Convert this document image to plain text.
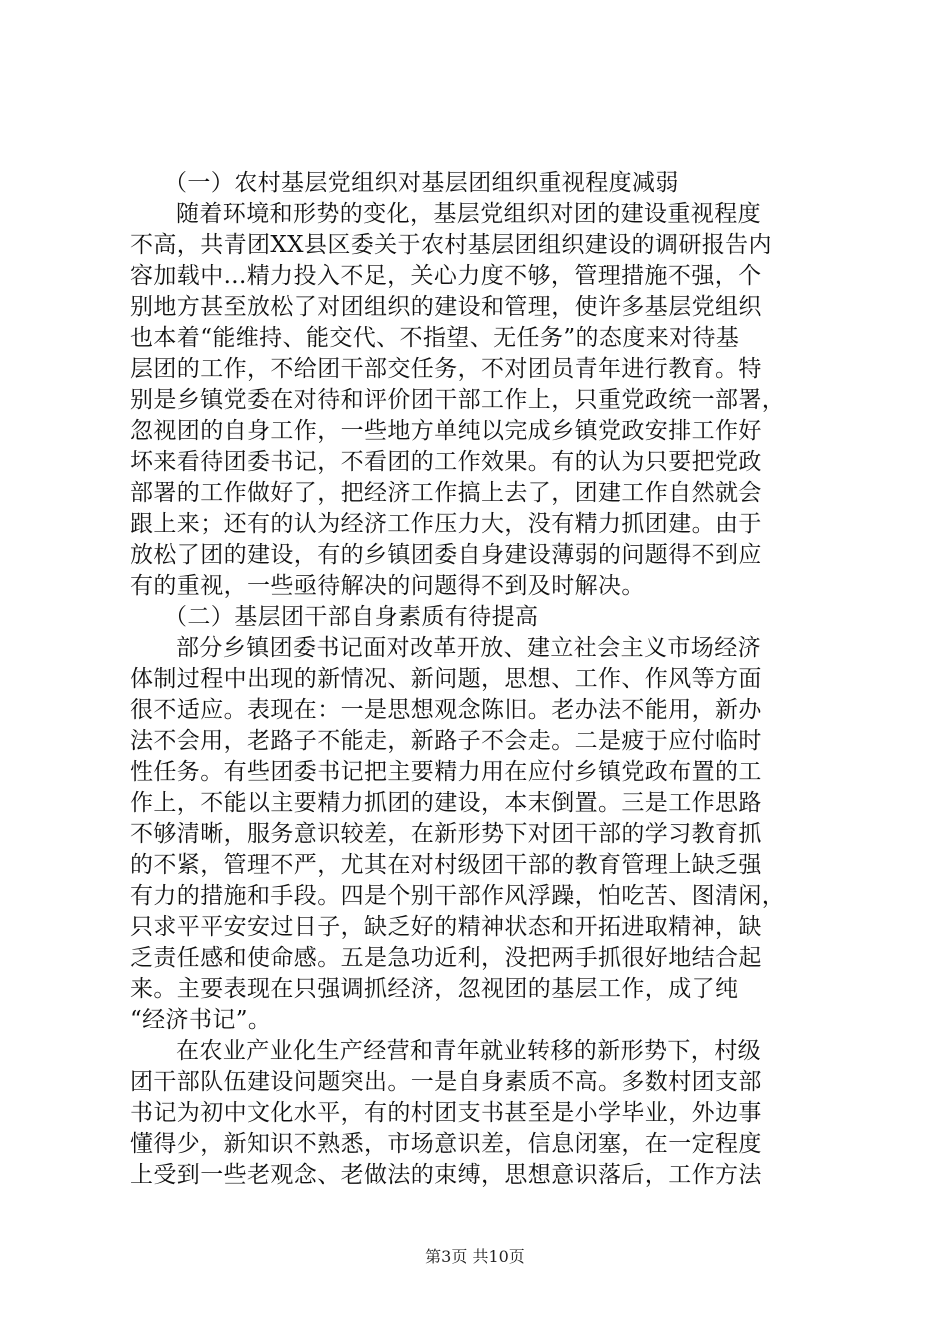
（一）农村基层党组织对基层团组织重视程度减弱
随着环境和形势的变化，基层党组织对团的建设重视程度
不高，共青团XX县区委关于农村基层团组织建设的调研报告内
容加载中...精力投入不足，关心力度不够，管理措施不强，个
别地方甚至放松了对团组织的建设和管理，使许多基层党组织
也本着“能维持、能交代、不指望、无任务”的态度来对待基
层团的工作，不给团干部交任务，不对团员青年进行教育。特
别是乡镇党委在对待和评价团干部工作上，只重党政统一部署，
忽视团的自身工作，一些地方单纯以完成乡镇党政安排工作好
坏来看待团委书记，不看团的工作效果。有的认为只要把党政
部署的工作做好了，把经济工作搞上去了，团建工作自然就会
跟上来；还有的认为经济工作压力大，没有精力抓团建。由于
放松了团的建设，有的乡镇团委自身建设薄弱的问题得不到应
有的重视，一些亟待解决的问题得不到及时解决。
（二）基层团干部自身素质有待提高
部分乡镇团委书记面对改革开放、建立社会主义市场经济
体制过程中出现的新情况、新问题，思想、工作、作风等方面
很不适应。表现在：一是思想观念陈旧。老办法不能用，新办
法不会用，老路子不能走，新路子不会走。二是疲于应付临时
性任务。有些团委书记把主要精力用在应付乡镇党政布置的工
作上，不能以主要精力抓团的建设，本末倒置。三是工作思路
不够清晰，服务意识较差，在新形势下对团干部的学习教育抓
的不紧，管理不严，尤其在对村级团干部的教育管理上缺乏强
有力的措施和手段。四是个别干部作风浮躁，怕吃苦、图清闲，
只求平平安安过日子，缺乏好的精神状态和开拓进取精神，缺
乏责任感和使命感。五是急功近利，没把两手抓很好地结合起
来。主要表现在只强调抓经济，忽视团的基层工作，成了纯
“经济书记”。
在农业产业化生产经营和青年就业转移的新形势下，村级
团干部队伍建设问题突出。一是自身素质不高。多数村团支部
书记为初中文化水平，有的村团支书甚至是小学毕业，外边事
懂得少，新知识不熟悉，市场意识差，信息闭塞，在一定程度
上受到一些老观念、老做法的束缚，思想意识落后，工作方法
第3页 共10页
